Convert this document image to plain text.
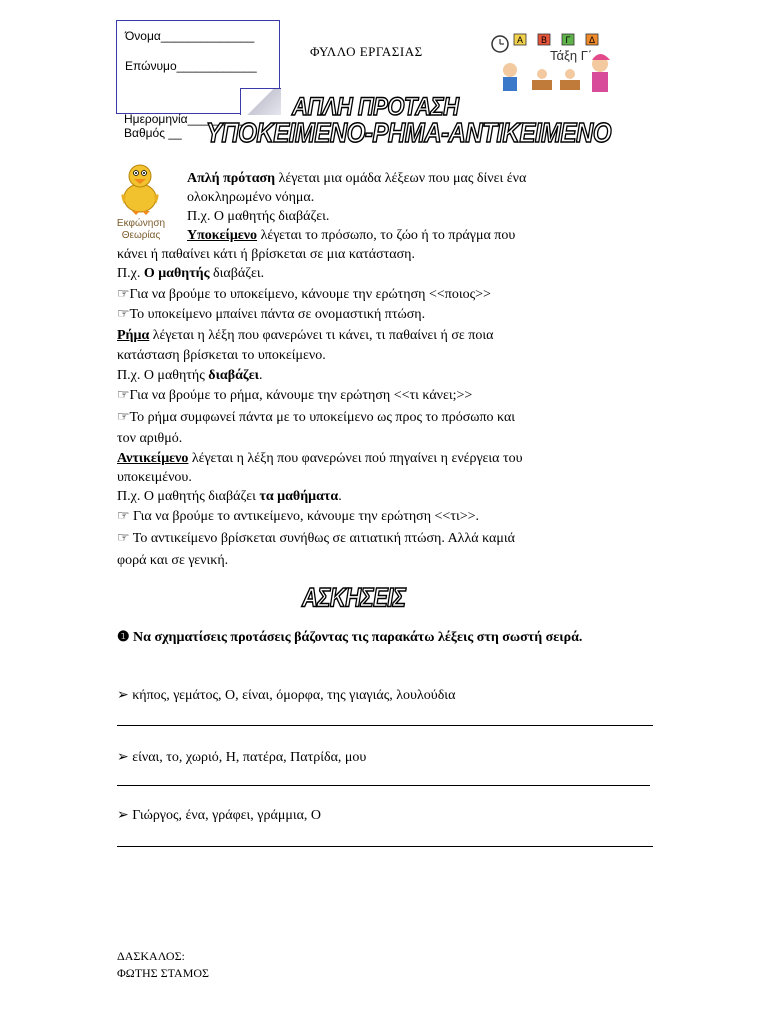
Όνομα______________
Επώνυμο____________
Ημερομηνία__________
Βαθμός __
ΦΥΛΛΟ ΕΡΓΑΣΙΑΣ
Α Β Γ Δ
Τάξη Γ΄
ΑΠΛΗ ΠΡΟΤΑΣΗ
ΥΠΟΚΕΙΜΕΝΟ-ΡΗΜΑ-ΑΝΤΙΚΕΙΜΕΝΟ
Εκφώνηση
Θεωρίας
Απλή πρόταση λέγεται μια ομάδα λέξεων που μας δίνει ένα
ολοκληρωμένο νόημα.
Π.χ. Ο μαθητής διαβάζει.
Υποκείμενο λέγεται το πρόσωπο, το ζώο ή το πράγμα που
κάνει ή παθαίνει κάτι ή βρίσκεται σε μια κατάσταση.
Π.χ. Ο μαθητής διαβάζει.
☞Για να βρούμε το υποκείμενο, κάνουμε την ερώτηση <<ποιος>>
☞Το υποκείμενο μπαίνει πάντα σε ονομαστική πτώση.
Ρήμα λέγεται η λέξη που φανερώνει τι κάνει, τι παθαίνει ή σε ποια
κατάσταση βρίσκεται το υποκείμενο.
Π.χ. Ο μαθητής διαβάζει.
☞Για να βρούμε το ρήμα, κάνουμε την ερώτηση <<τι κάνει;>>
☞Το ρήμα συμφωνεί πάντα με το υποκείμενο ως προς το πρόσωπο και
τον αριθμό.
Αντικείμενο λέγεται η λέξη που φανερώνει πού πηγαίνει η ενέργεια του
υποκειμένου.
Π.χ. Ο μαθητής διαβάζει τα μαθήματα.
☞ Για να βρούμε το αντικείμενο, κάνουμε την ερώτηση <<τι>>.
☞ Το αντικείμενο βρίσκεται συνήθως σε αιτιατική πτώση. Αλλά καμιά
φορά και σε γενική.
ΑΣΚΗΣΕΙΣ
❶ Να σχηματίσεις προτάσεις βάζοντας τις παρακάτω λέξεις στη σωστή σειρά.
➢ κήπος, γεμάτος, Ο, είναι, όμορφα, της γιαγιάς, λουλούδια
➢ είναι, το, χωριό, Η, πατέρα, Πατρίδα, μου
➢ Γιώργος, ένα, γράφει, γράμμια, Ο
ΔΑΣΚΑΛΟΣ:
ΦΩΤΗΣ ΣΤΑΜΟΣ
